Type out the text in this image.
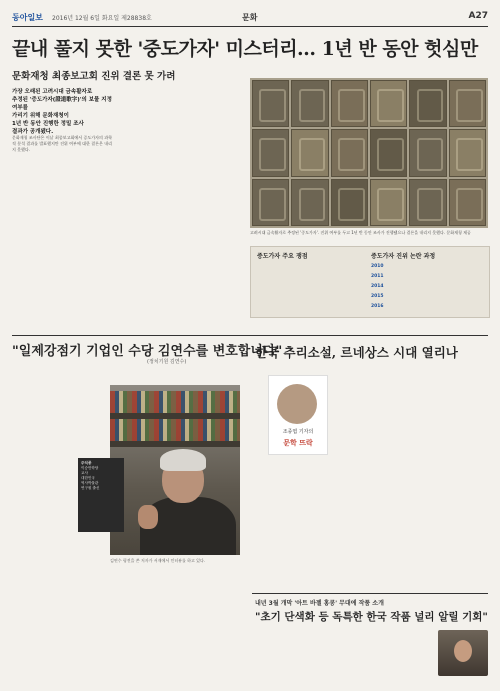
동아일보 2016년 12월 6일 화요일 제28838호	문화	A27
끝내 풀지 못한 '중도가자' 미스터리… 1년 반 동안 헛심만
문화재청 최종보고회 진위 결론 못 가려
가장 오래된 고려시대 금속활자로
추정된 '증도가자(證道歌字)'의 보물 지정 여부를
가리기 위해 문화재청이
1년 반 동안 진행한 정밀 조사
결과가 공개됐다.
문화재청 조사단은 이날 최종보고회에서 증도가자의 과학적 분석 결과를 발표했지만 진위 여부에 대한 결론은 내리지 못했다.
고려시대 금속활자로 추정된 '중도가자'. 진위 여부를 두고 1년 반 동안 조사가 진행됐으나 결론을 내리지 못했다. 문화재청 제공
증도가자 주요 쟁점	증도가자 진위 논란 과정
2010
2011
2014
2015
2016
"일제강점기 기업인 수당 김연수를 변호합니다"
(정치기원 김연수)
주익종
이승만학당
교사
대한민국
역사박물관
연구원 출신
김연수 평전을 쓴 저자가 서재에서 인터뷰를 하고 있다.
한국 추리소설, 르네상스 시대 열리나
조종엽 기자의
문학 뜨락
내년 3월 개막 '아트 바젤 홍콩' 무대에 작품 소개
"초기 단색화 등 독특한 한국 작품 널리 알릴 기회"
